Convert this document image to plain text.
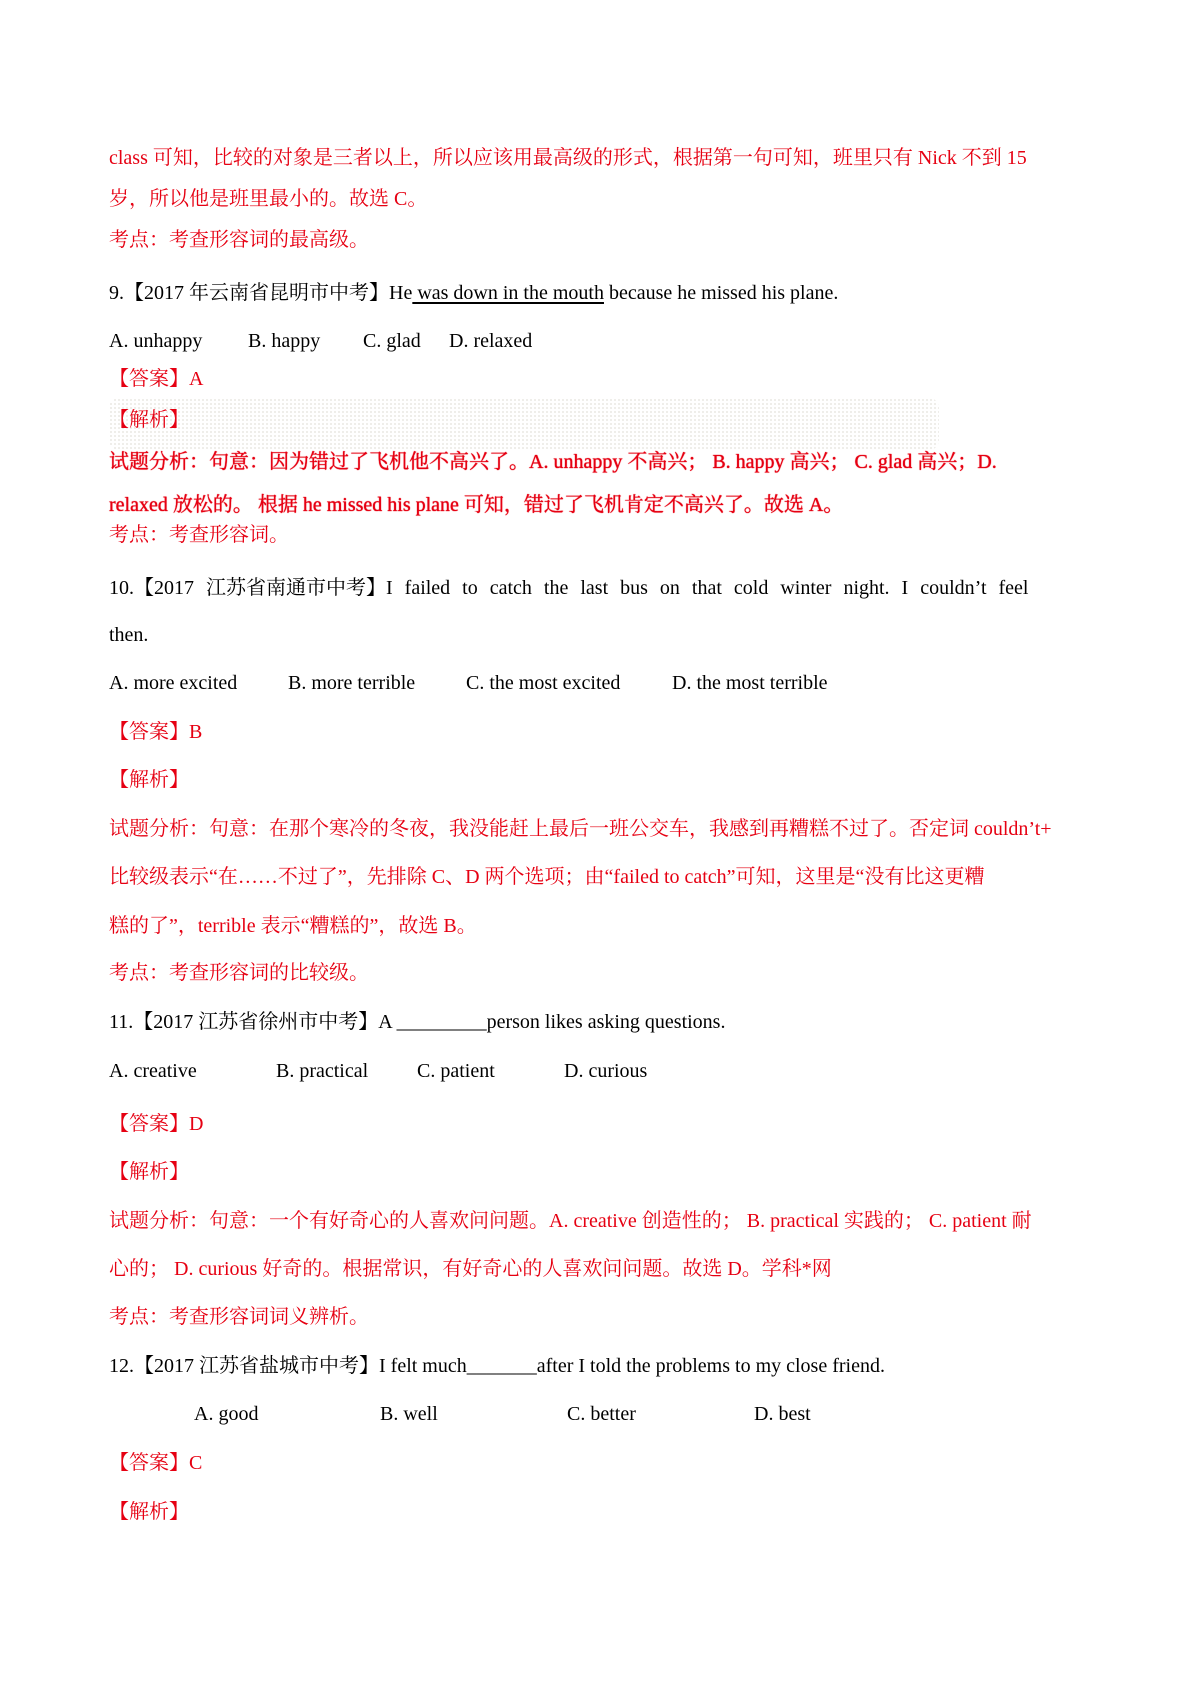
class 可知，比较的对象是三者以上，所以应该用最高级的形式，根据第一句可知，班里只有 Nick 不到 15
岁，所以他是班里最小的。故选 C。
考点：考查形容词的最高级。
9.【2017 年云南省昆明市中考】He was down in the mouth because he missed his plane.
A. unhappy B. happy C. glad D. relaxed
【答案】A
【解析】
试题分析：句意：因为错过了飞机他不高兴了。A. unhappy 不高兴； B. happy 高兴； C. glad 高兴；D.
relaxed 放松的。 根据 he missed his plane 可知，错过了飞机肯定不高兴了。故选 A。
考点：考查形容词。
10.【2017 江苏省南通市中考】I failed to catch the last bus on that cold winter night. I couldn’t feel
then.
A. more excited	B. more terrible	C. the most excited	D. the most terrible
【答案】B
【解析】
试题分析：句意：在那个寒冷的冬夜，我没能赶上最后一班公交车，我感到再糟糕不过了。否定词 couldn’t+
比较级表示“在……不过了”，先排除 C、D 两个选项；由“failed to catch”可知，这里是“没有比这更糟
糕的了”，terrible 表示“糟糕的”，故选 B。
考点：考查形容词的比较级。
11.【2017 江苏省徐州市中考】A _________person likes asking questions.
A. creative	B. practical C. patient	D. curious
【答案】D
【解析】
试题分析：句意：一个有好奇心的人喜欢问问题。A. creative 创造性的； B. practical 实践的； C. patient 耐
心的； D. curious 好奇的。根据常识，有好奇心的人喜欢问问题。故选 D。学科*网
考点：考查形容词词义辨析。
12.【2017 江苏省盐城市中考】I felt much_______after I told the problems to my close friend.
A. good	B. well	C. better	D. best
【答案】C
【解析】
